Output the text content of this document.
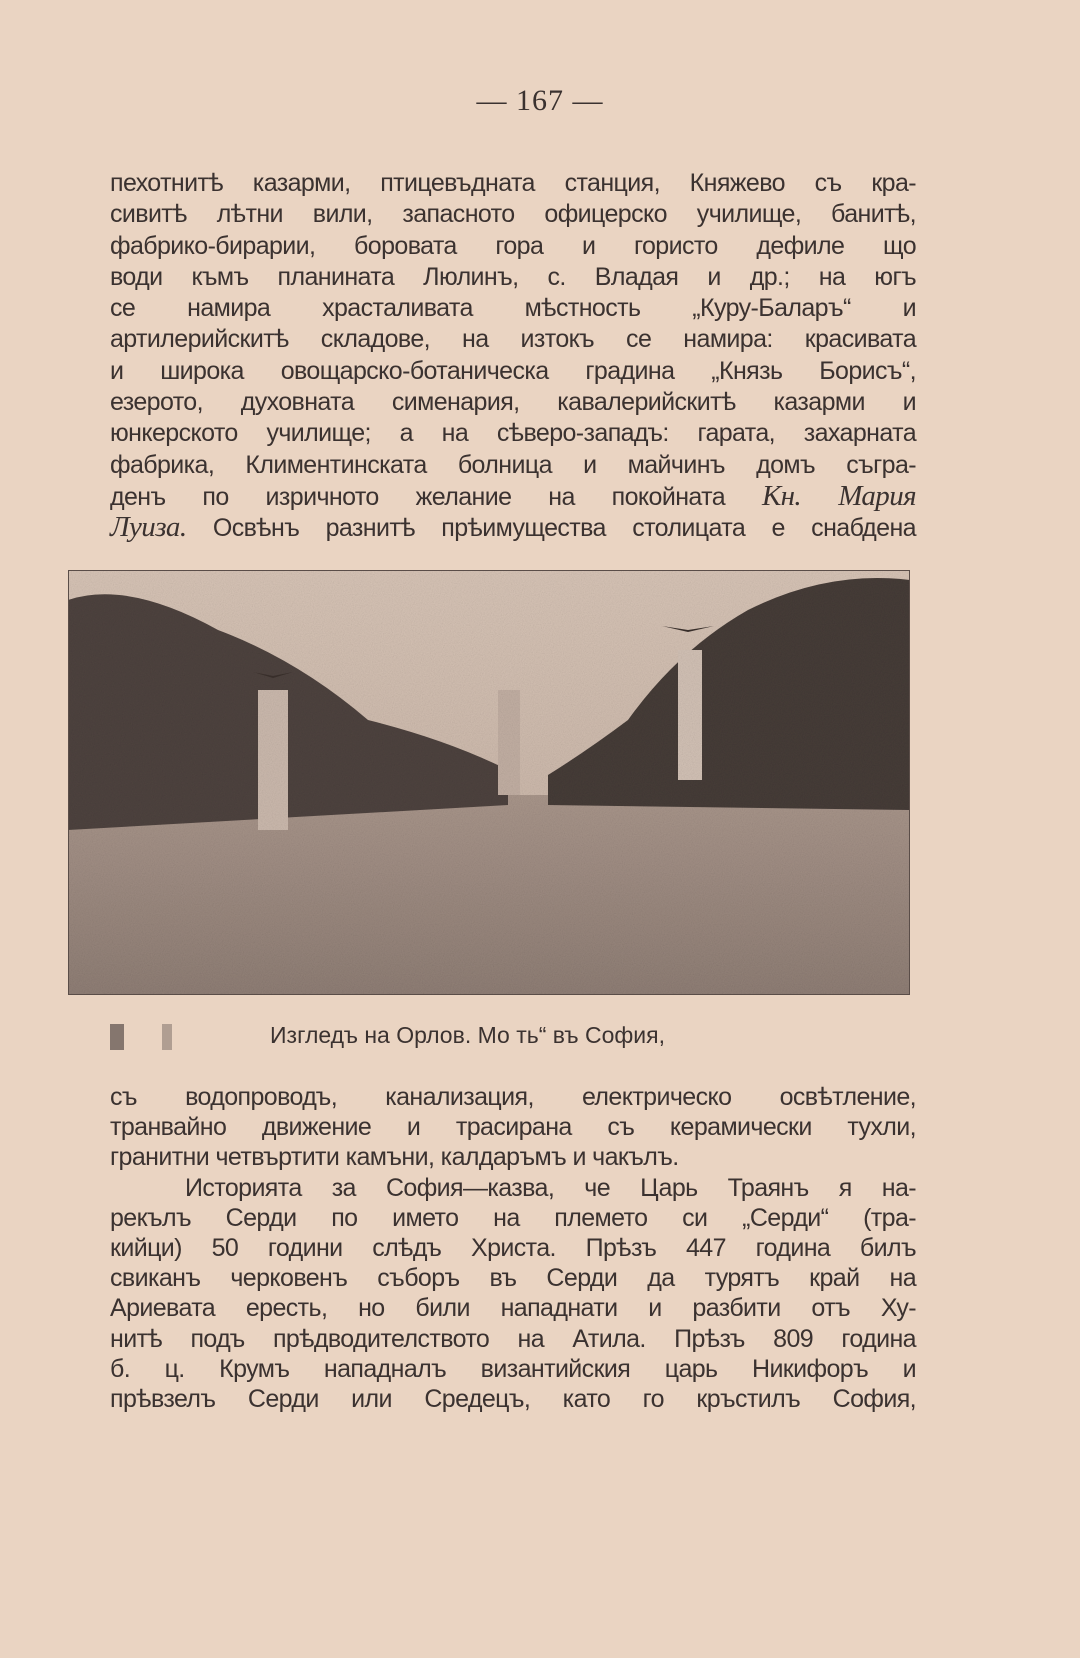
— 167 —
пехотнитѣ казарми, птицевъдната станция, Княжево съ кра-
сивитѣ лѣтни вили, запасното офицерско училище, банитѣ,
фабрико-бирарии, боровата гора и гористо дефиле що
води къмъ планината Люлинъ, с. Владая и др.; на югъ
се намира храсталивата мѣстность „Куру-Баларъ“ и
артилерийскитѣ складове, на изтокъ се намира: красивата
и широка овощарско-ботаническа градина „Князь Борисъ“,
езерото, духовната сименария, кавалерийскитѣ казарми и
юнкерското училище; а на сѣверо-западъ: гарата, захарната
фабрика, Климентинската болница и майчинъ домъ съгра-
денъ по изричното желание на покойната Кн. Мария
Луиза. Освѣнъ разнитѣ прѣимущества столицата е снабдена
Изгледъ на Орлов. Мо ть“ въ София,
съ водопроводъ, канализация, електрическо освѣтление,
транвайно движение и трасирана съ керамически тухли,
гранитни четвъртити камъни, калдаръмъ и чакълъ.
Историята за София—казва, че Царь Траянъ я на-
рекълъ Серди по името на племето си „Серди“ (тра-
кийци) 50 години слѣдъ Христа. Прѣзъ 447 година билъ
свиканъ черковенъ съборъ въ Серди да турятъ край на
Ариевата ересть, но били нападнати и разбити отъ Ху-
нитѣ подъ прѣдводителството на Атила. Прѣзъ 809 година
б. ц. Крумъ нападналъ византийския царь Никифоръ и
прѣвзелъ Серди или Средецъ, като го кръстилъ София,
